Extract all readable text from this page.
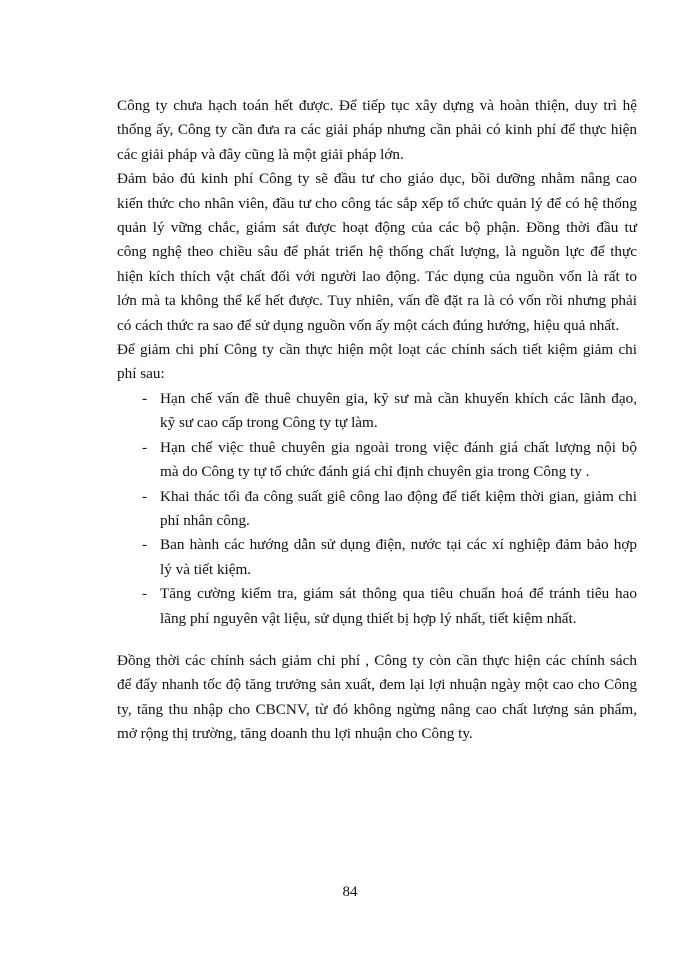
Công ty chưa hạch toán hết được. Để tiếp tục xây dựng và hoàn thiện, duy trì hệ
thống ấy, Công ty cần đưa ra các giải pháp nhưng cần phải có kinh phí để thực hiện
các giải pháp và đây cũng là một giải pháp lớn.
Đảm bảo đủ kinh phí Công ty sẽ đầu tư cho giáo dục, bồi dưỡng nhằm nâng cao
kiến thức cho nhân viên, đầu tư cho công tác sắp xếp tổ chức quản lý để có hệ thống
quản lý vững chắc, giám sát được hoạt động của các bộ phận. Đồng thời đầu tư
công nghệ theo chiều sâu để phát triển hệ thống chất lượng, là nguồn lực để thực
hiện kích thích vật chất đối với người lao động. Tác dụng của nguồn vốn là rất to
lớn mà ta không thể kể hết được. Tuy nhiên, vấn đề đặt ra là có vốn rồi nhưng phải
có cách thức ra sao để sử dụng nguồn vốn ấy một cách đúng hướng, hiệu quả nhất.
Để giảm chi phí Công ty cần thực hiện một loạt các chính sách tiết kiệm giảm chi
phí sau:
- Hạn chế vấn đề thuê chuyên gia, kỹ sư mà cần khuyến khích các lãnh đạo,
kỹ sư cao cấp trong Công ty tự làm.
- Hạn chế việc thuê chuyên gia ngoài trong việc đánh giá chất lượng nội bộ
mà do Công ty tự tổ chức đánh giá chỉ định chuyên gia trong Công ty .
- Khai thác tối đa công suất giê công lao động để tiết kiệm thời gian, giảm chi
phí nhân công.
- Ban hành các hướng dẫn sử dụng điện, nước tại các xí nghiệp đảm bảo hợp
lý và tiết kiệm.
- Tăng cường kiểm tra, giám sát thông qua tiêu chuẩn hoá để tránh tiêu hao
lãng phí nguyên vật liệu, sử dụng thiết bị hợp lý nhất, tiết kiệm nhất.
Đồng thời các chính sách giảm chi phí , Công ty còn cần thực hiện các chính sách
để đẩy nhanh tốc độ tăng trưởng sản xuất, đem lại lợi nhuận ngày một cao cho Công
ty, tăng thu nhập cho CBCNV, từ đó không ngừng nâng cao chất lượng sản phẩm,
mở rộng thị trường, tăng doanh thu lợi nhuận cho Công ty.
84
